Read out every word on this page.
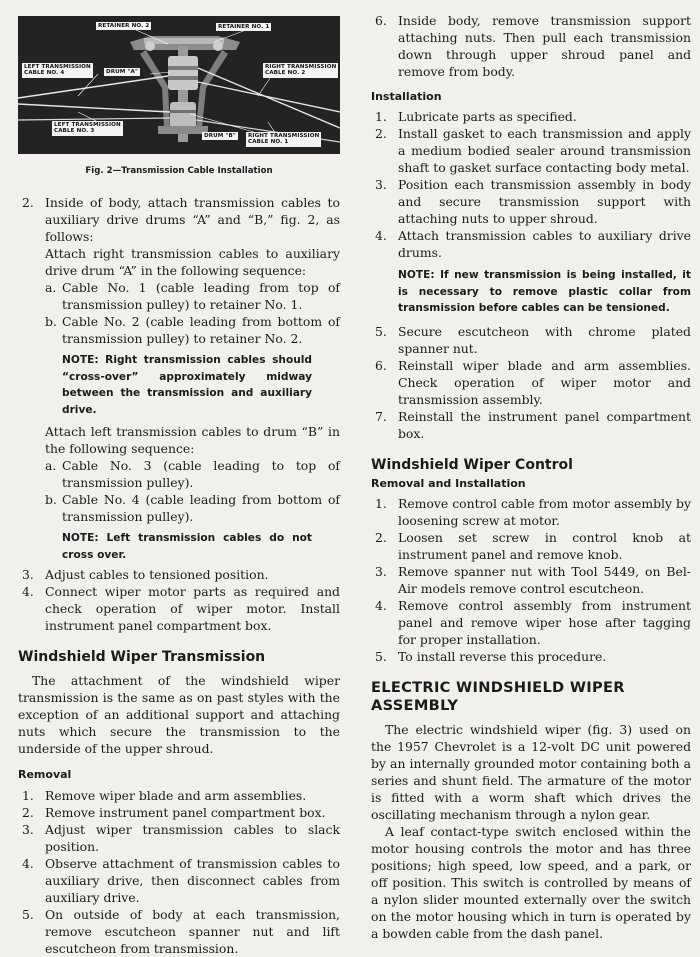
RETAINER NO. 2	RETAINER NO. 1
LEFT TRANSMISSION
CABLE NO. 4	DRUM "A"
RIGHT TRANSMISSION
CABLE NO. 2
LEFT TRANSMISSION
CABLE NO. 3
DRUM "B"	RIGHT TRANSMISSION
CABLE NO. 1
Fig. 2—Transmission Cable Installation
2. Inside of body, attach transmission cables to auxiliary drive drums “A” and “B,” fig. 2, as follows:

Attach right transmission cables to auxiliary drive drum “A” in the following sequence:

a. Cable No. 1 (cable leading from top of transmission pulley) to retainer No. 1.
b. Cable No. 2 (cable leading from bottom of transmission pulley) to retainer No. 2.
NOTE: Right transmission cables should “cross-over” approximately midway between the transmission and auxiliary drive.

Attach left transmission cables to drum “B” in the following sequence:

a. Cable No. 3 (cable leading to top of transmission pulley).
b. Cable No. 4 (cable leading from bottom of transmission pulley).
NOTE: Left transmission cables do not cross over.
3. Adjust cables to tensioned position.
4. Connect wiper motor parts as required and check operation of wiper motor. Install instrument panel compartment box.
Windshield Wiper Transmission

The attachment of the windshield wiper transmission is the same as on past styles with the exception of an additional support and attaching nuts which secure the transmission to the underside of the upper shroud.

Removal
1. Remove wiper blade and arm assemblies.
2. Remove instrument panel compartment box.
3. Adjust wiper transmission cables to slack position.
4. Observe attachment of transmission cables to auxiliary drive, then disconnect cables from auxiliary drive.
5. On outside of body at each transmission, remove escutcheon spanner nut and lift escutcheon from transmission.
6. Inside body, remove transmission support attaching nuts. Then pull each transmission down through upper shroud panel and remove from body.
Installation
1. Lubricate parts as specified.
2. Install gasket to each transmission and apply a medium bodied sealer around transmission shaft to gasket surface contacting body metal.
3. Position each transmission assembly in body and secure transmission support with attaching nuts to upper shroud.
4. Attach transmission cables to auxiliary drive drums.
NOTE: If new transmission is being installed, it is necessary to remove plastic collar from transmission before cables can be tensioned.
5. Secure escutcheon with chrome plated spanner nut.
6. Reinstall wiper blade and arm assemblies. Check operation of wiper motor and transmission assembly.
7. Reinstall the instrument panel compartment box.
Windshield Wiper Control
Removal and Installation
1. Remove control cable from motor assembly by loosening screw at motor.
2. Loosen set screw in control knob at instrument panel and remove knob.
3. Remove spanner nut with Tool 5449, on Bel-Air models remove control escutcheon.
4. Remove control assembly from instrument panel and remove wiper hose after tagging for proper installation.
5. To install reverse this procedure.
ELECTRIC WINDSHIELD WIPER ASSEMBLY

The electric windshield wiper (fig. 3) used on the 1957 Chevrolet is a 12-volt DC unit powered by an internally grounded motor containing both a series and shunt field. The armature of the motor is fitted with a worm shaft which drives the oscillating mechanism through a nylon gear.

A leaf contact-type switch enclosed within the motor housing controls the motor and has three positions; high speed, low speed, and a park, or off position. This switch is controlled by means of a nylon slider mounted externally over the switch on the motor housing which in turn is operated by a bowden cable from the dash panel.
